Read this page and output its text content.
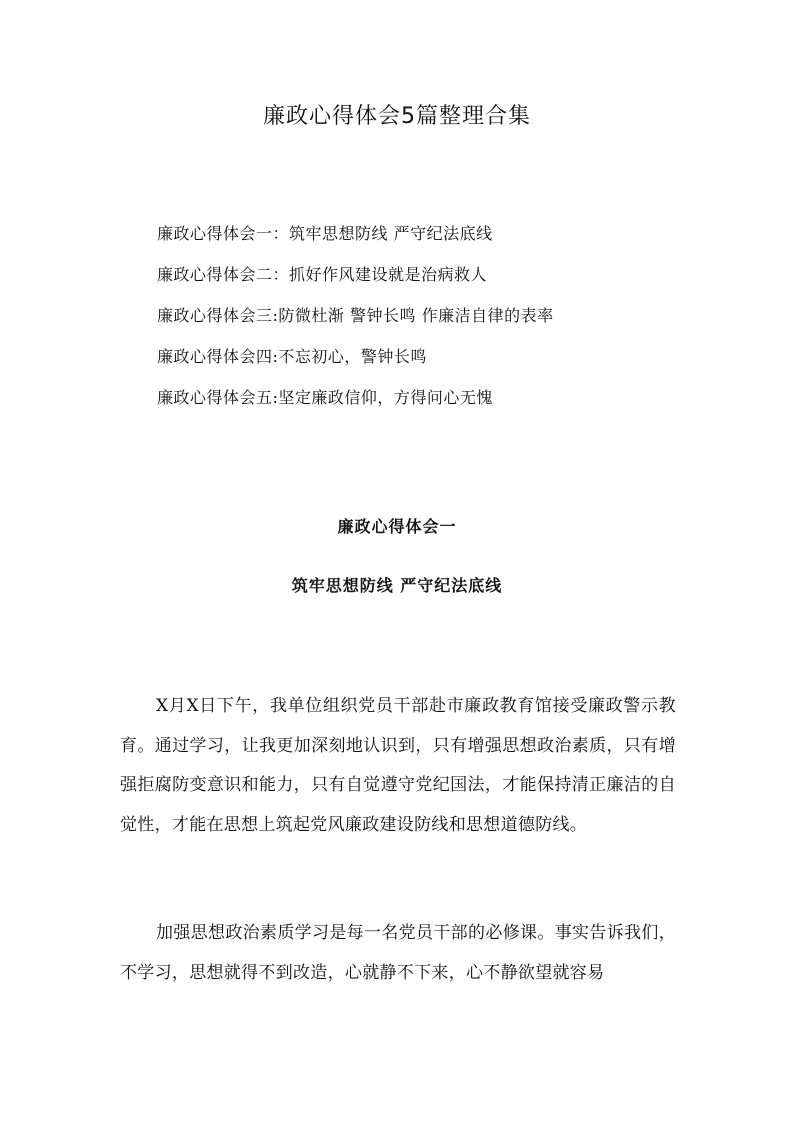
廉政心得体会5篇整理合集
廉政心得体会一：筑牢思想防线 严守纪法底线
廉政心得体会二：抓好作风建设就是治病救人
廉政心得体会三:防微杜渐 警钟长鸣 作廉洁自律的表率
廉政心得体会四:不忘初心，警钟长鸣
廉政心得体会五:坚定廉政信仰，方得问心无愧
廉政心得体会一
筑牢思想防线 严守纪法底线

X月X日下午，我单位组织党员干部赴市廉政教育馆接受廉政警示教育。通过学习，让我更加深刻地认识到，只有增强思想政治素质，只有增强拒腐防变意识和能力，只有自觉遵守党纪国法，才能保持清正廉洁的自觉性，才能在思想上筑起党风廉政建设防线和思想道德防线。

加强思想政治素质学习是每一名党员干部的必修课。事实告诉我们，不学习，思想就得不到改造，心就静不下来，心不静欲望就容易
